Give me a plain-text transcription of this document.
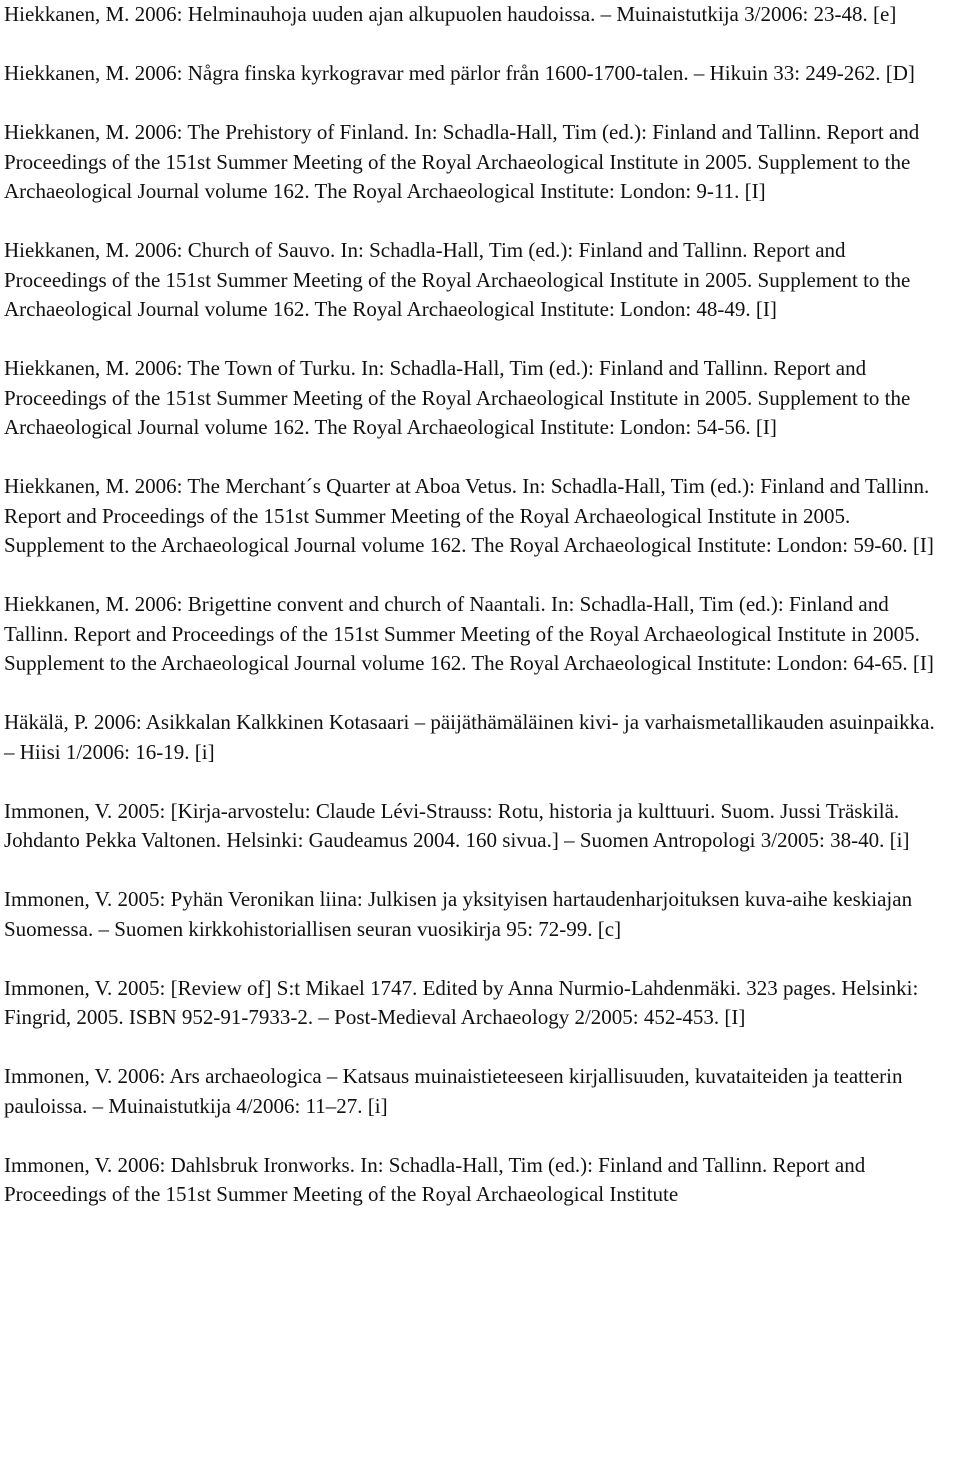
Hiekkanen, M. 2006: Helminauhoja uuden ajan alkupuolen haudoissa. – Muinaistutkija 3/2006: 23-48. [e]

Hiekkanen, M. 2006: Några finska kyrkogravar med pärlor från 1600-1700-talen. – Hikuin 33: 249-262. [D]

Hiekkanen, M. 2006: The Prehistory of Finland. In: Schadla-Hall, Tim (ed.): Finland and Tallinn. Report and Proceedings of the 151st Summer Meeting of the Royal Archaeological Institute in 2005. Supplement to the Archaeological Journal volume 162. The Royal Archaeological Institute: London: 9-11. [I]

Hiekkanen, M. 2006: Church of Sauvo. In: Schadla-Hall, Tim (ed.): Finland and Tallinn. Report and Proceedings of the 151st Summer Meeting of the Royal Archaeological Institute in 2005. Supplement to the Archaeological Journal volume 162. The Royal Archaeological Institute: London: 48-49. [I]

Hiekkanen, M. 2006: The Town of Turku. In: Schadla-Hall, Tim (ed.): Finland and Tallinn. Report and Proceedings of the 151st Summer Meeting of the Royal Archaeological Institute in 2005. Supplement to the Archaeological Journal volume 162. The Royal Archaeological Institute: London: 54-56. [I]

Hiekkanen, M. 2006: The Merchant´s Quarter at Aboa Vetus. In: Schadla-Hall, Tim (ed.): Finland and Tallinn. Report and Proceedings of the 151st Summer Meeting of the Royal Archaeological Institute in 2005. Supplement to the Archaeological Journal volume 162. The Royal Archaeological Institute: London: 59-60. [I]

Hiekkanen, M. 2006: Brigettine convent and church of Naantali. In: Schadla-Hall, Tim (ed.): Finland and Tallinn. Report and Proceedings of the 151st Summer Meeting of the Royal Archaeological Institute in 2005. Supplement to the Archaeological Journal volume 162. The Royal Archaeological Institute: London: 64-65. [I]

Häkälä, P. 2006: Asikkalan Kalkkinen Kotasaari – päijäthämäläinen kivi- ja varhaismetallikauden asuinpaikka. – Hiisi 1/2006: 16-19. [i]

Immonen, V. 2005: [Kirja-arvostelu: Claude Lévi-Strauss: Rotu, historia ja kulttuuri. Suom. Jussi Träskilä. Johdanto Pekka Valtonen. Helsinki: Gaudeamus 2004. 160 sivua.] – Suomen Antropologi 3/2005: 38-40. [i]

Immonen, V. 2005: Pyhän Veronikan liina: Julkisen ja yksityisen hartaudenharjoituksen kuva-aihe keskiajan Suomessa. – Suomen kirkkohistoriallisen seuran vuosikirja 95: 72-99. [c]

Immonen, V. 2005: [Review of] S:t Mikael 1747. Edited by Anna Nurmio-Lahdenmäki. 323 pages. Helsinki: Fingrid, 2005. ISBN 952-91-7933-2. – Post-Medieval Archaeology 2/2005: 452-453. [I]

Immonen, V. 2006: Ars archaeologica – Katsaus muinaistieteeseen kirjallisuuden, kuvataiteiden ja teatterin pauloissa. – Muinaistutkija 4/2006: 11–27. [i]

Immonen, V. 2006: Dahlsbruk Ironworks. In: Schadla-Hall, Tim (ed.): Finland and Tallinn. Report and Proceedings of the 151st Summer Meeting of the Royal Archaeological Institute
